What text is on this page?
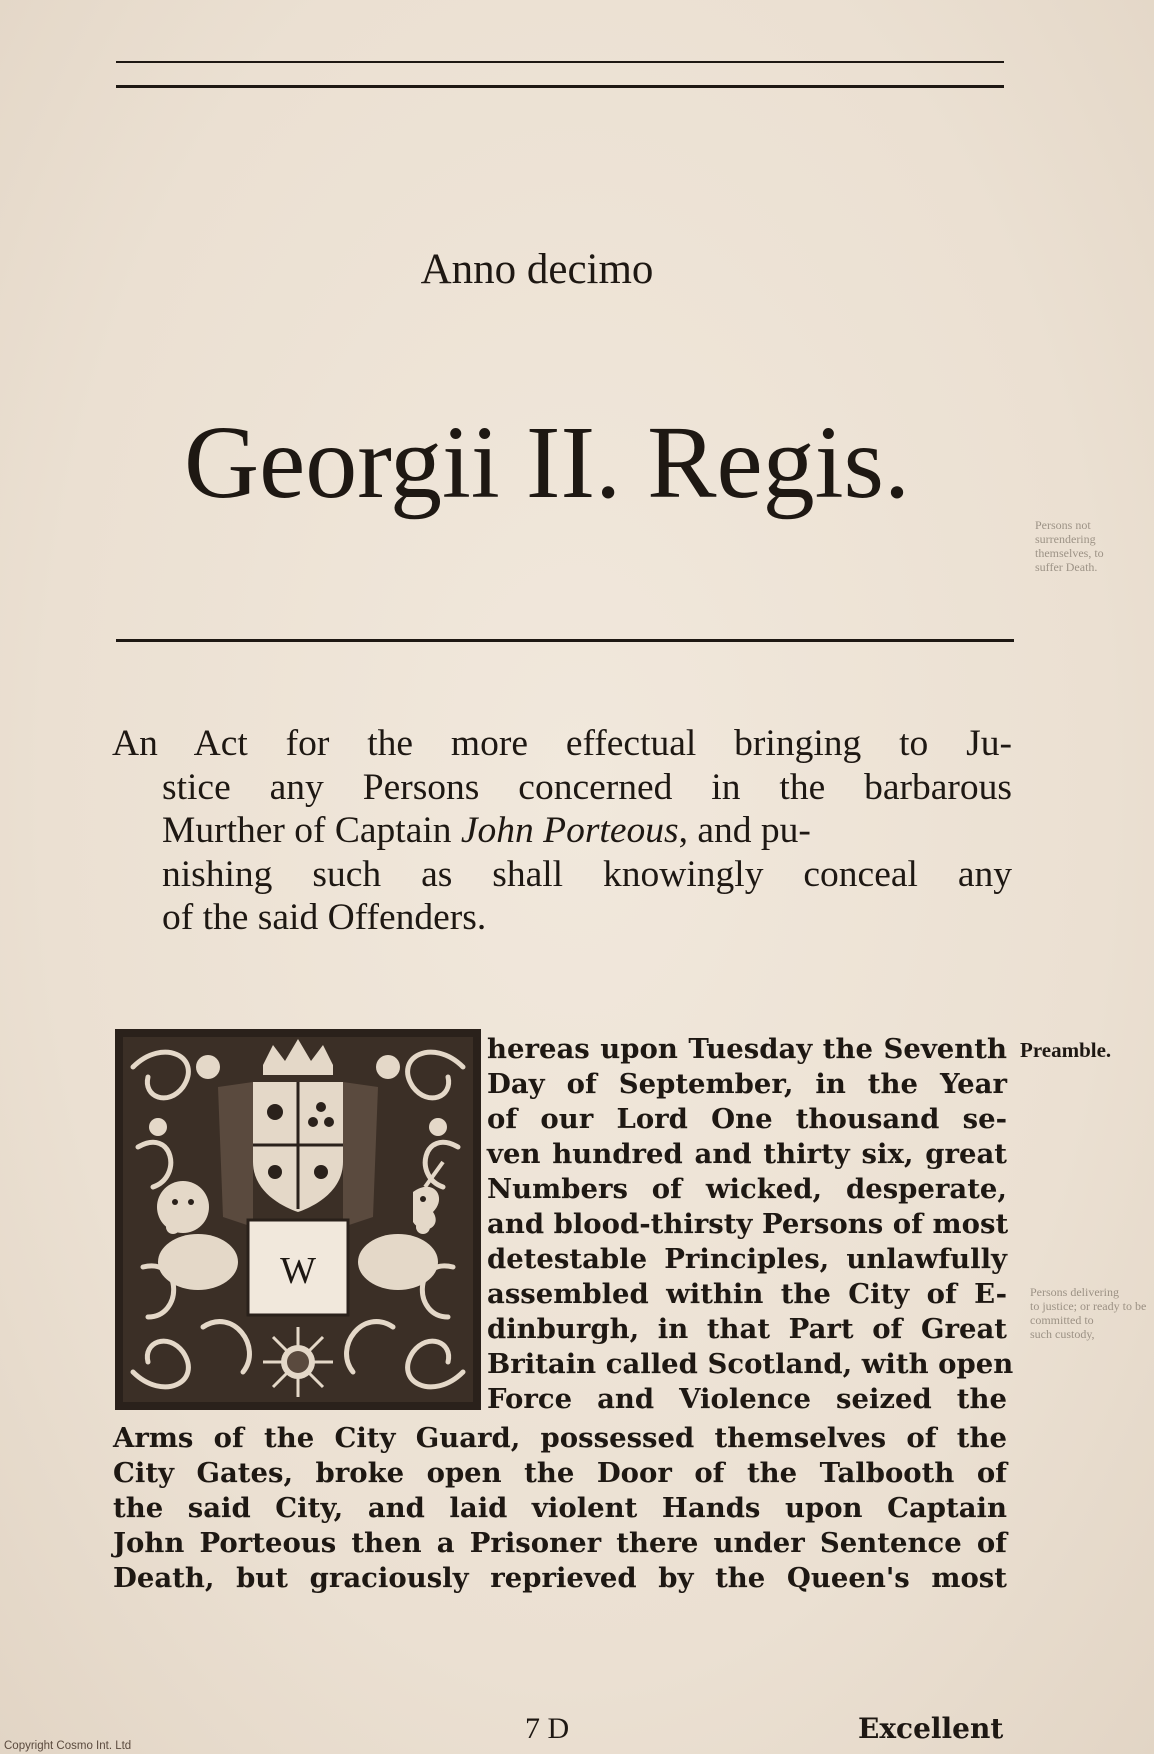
Persons not
surrendering
themselves, to
suffer Death.
Persons delivering
to justice; or ready to be
committed to
such custody,
Anno decimo
Georgii II. Regis.
An Act for the more effectual bringing to Ju-
stice any Persons concerned in the barbarous
Murther of Captain John Porteous, and pu-
nishing such as shall knowingly conceal any
of the said Offenders.
W
Preamble.
hereas upon Tuesday the Seventh
Day of September, in the Year
of our Lord One thousand se-
ven hundred and thirty six, great
Numbers of wicked, desperate,
and blood-thirsty Persons of most
detestable Principles, unlawfully
assembled within the City of E-
dinburgh, in that Part of Great
Britain called Scotland, with open
Force and Violence seized the
Arms of the City Guard, possessed themselves of the
City Gates, broke open the Door of the Talbooth of
the said City, and laid violent Hands upon Captain
John Porteous then a Prisoner there under Sentence of
Death, but graciously reprieved by the Queen's most
7 D	Excellent
Copyright Cosmo Int. Ltd
